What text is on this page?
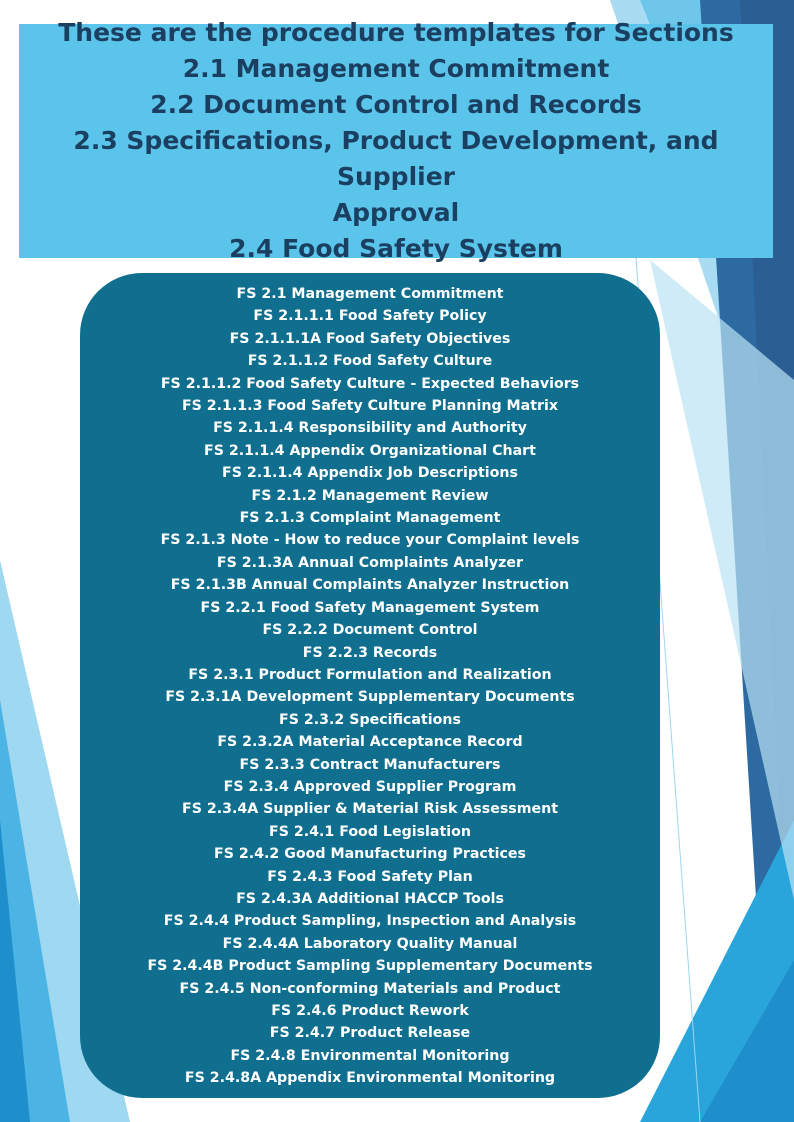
These are the procedure templates for Sections
2.1 Management Commitment
2.2 Document Control and Records
2.3 Specifications, Product Development, and Supplier
Approval
2.4 Food Safety System
FS 2.1 Management Commitment
FS 2.1.1.1 Food Safety Policy
FS 2.1.1.1A Food Safety Objectives
FS 2.1.1.2 Food Safety Culture
FS 2.1.1.2 Food Safety Culture - Expected Behaviors
FS 2.1.1.3 Food Safety Culture Planning Matrix
FS 2.1.1.4 Responsibility and Authority
FS 2.1.1.4 Appendix Organizational Chart
FS 2.1.1.4 Appendix Job Descriptions
FS 2.1.2 Management Review
FS 2.1.3 Complaint Management
FS 2.1.3 Note - How to reduce your Complaint levels
FS 2.1.3A Annual Complaints Analyzer
FS 2.1.3B Annual Complaints Analyzer Instruction
FS 2.2.1 Food Safety Management System
FS 2.2.2 Document Control
FS 2.2.3 Records
FS 2.3.1 Product Formulation and Realization
FS 2.3.1A Development Supplementary Documents
FS 2.3.2 Specifications
FS 2.3.2A Material Acceptance Record
FS 2.3.3 Contract Manufacturers
FS 2.3.4 Approved Supplier Program
FS 2.3.4A Supplier & Material Risk Assessment
FS 2.4.1 Food Legislation
FS 2.4.2 Good Manufacturing Practices
FS 2.4.3 Food Safety Plan
FS 2.4.3A Additional HACCP Tools
FS 2.4.4 Product Sampling, Inspection and Analysis
FS 2.4.4A Laboratory Quality Manual
FS 2.4.4B Product Sampling Supplementary Documents
FS 2.4.5 Non-conforming Materials and Product
FS 2.4.6 Product Rework
FS 2.4.7 Product Release
FS 2.4.8 Environmental Monitoring
FS 2.4.8A Appendix Environmental Monitoring
